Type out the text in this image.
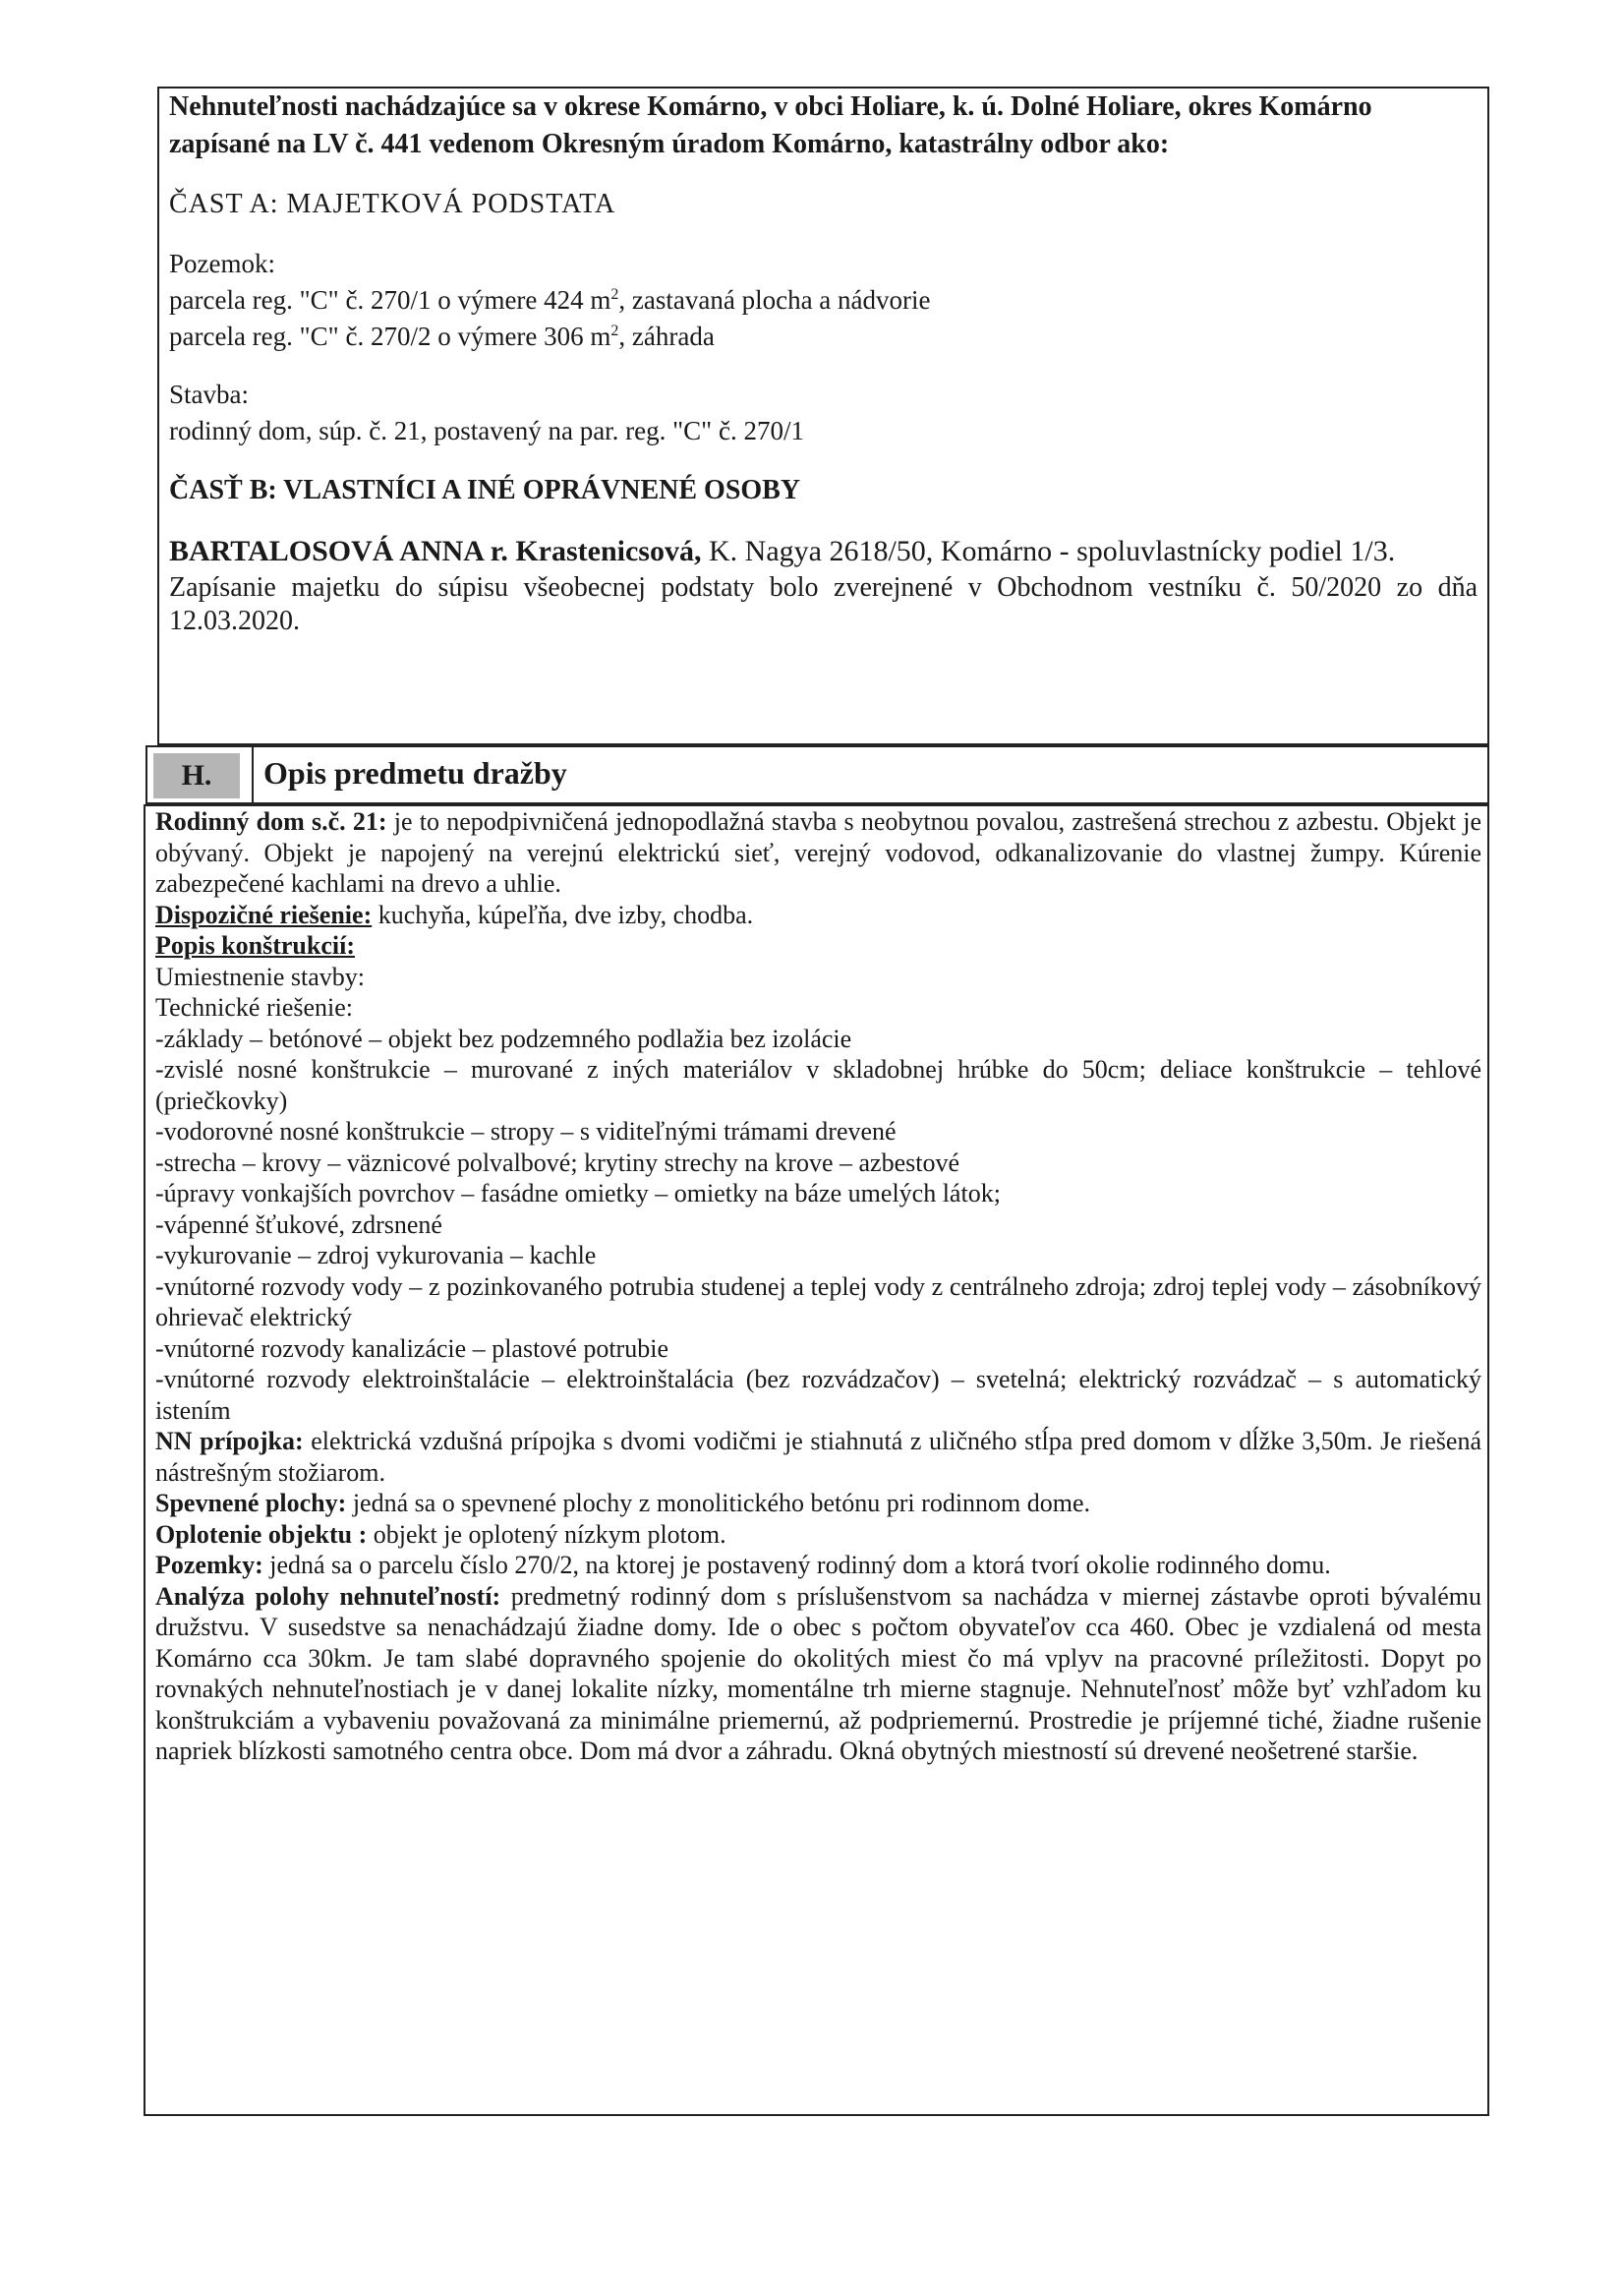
Nehnuteľnosti nachádzajúce sa v okrese Komárno, v obci Holiare, k. ú. Dolné Holiare, okres Komárno
zapísané na LV č. 441 vedenom Okresným úradom Komárno, katastrálny odbor ako:
ČAST A: MAJETKOVÁ PODSTATA
Pozemok:
parcela reg. "C" č. 270/1 o výmere 424 $m^2$, zastavaná plocha a nádvorie
parcela reg. "C" č. 270/2 o výmere 306 $m^2$, záhrada
Stavba:
rodinný dom, súp. č. 21, postavený na par. reg. "C" č. 270/1
ČASŤ B: VLASTNÍCI A INÉ OPRÁVNENÉ OSOBY
BARTALOSOVÁ ANNA r. Krastenicsová, K. Nagya 2618/50, Komárno - spoluvlastnícky podiel 1/3.
Zapísanie majetku do súpisu všeobecnej podstaty bolo zverejnené v Obchodnom vestníku č. 50/2020 zo dňa 12.03.2020.
H.	Opis predmetu dražby

Rodinný dom s.č. 21: je to nepodpivničená jednopodlažná stavba s neobytnou povalou, zastrešená strechou z azbestu. Objekt je obývaný. Objekt je napojený na verejnú elektrickú sieť, verejný vodovod, odkanalizovanie do vlastnej žumpy. Kúrenie zabezpečené kachlami na drevo a uhlie.

Dispozičné riešenie: kuchyňa, kúpeľňa, dve izby, chodba.

Popis konštrukcií:

Umiestnenie stavby:

Technické riešenie:

-základy – betónové – objekt bez podzemného podlažia bez izolácie

-zvislé nosné konštrukcie – murované z iných materiálov v skladobnej hrúbke do 50cm; deliace konštrukcie – tehlové (priečkovky)

-vodorovné nosné konštrukcie – stropy – s viditeľnými trámami drevené

-strecha – krovy – väznicové polvalbové; krytiny strechy na krove – azbestové

-úpravy vonkajších povrchov – fasádne omietky – omietky na báze umelých látok;

-vápenné šťukové, zdrsnené

-vykurovanie – zdroj vykurovania – kachle

-vnútorné rozvody vody – z pozinkovaného potrubia studenej a teplej vody z centrálneho zdroja; zdroj teplej vody – zásobníkový ohrievač elektrický

-vnútorné rozvody kanalizácie – plastové potrubie

-vnútorné rozvody elektroinštalácie – elektroinštalácia (bez rozvádzačov) – svetelná; elektrický rozvádzač – s automatický istením

NN prípojka: elektrická vzdušná prípojka s dvomi vodičmi je stiahnutá z uličného stĺpa pred domom v dĺžke 3,50m. Je riešená nástrešným stožiarom.

Spevnené plochy: jedná sa o spevnené plochy z monolitického betónu pri rodinnom dome.

Oplotenie objektu : objekt je oplotený nízkym plotom.

Pozemky: jedná sa o parcelu číslo 270/2, na ktorej je postavený rodinný dom a ktorá tvorí okolie rodinného domu.

Analýza polohy nehnuteľností: predmetný rodinný dom s príslušenstvom sa nachádza v miernej zástavbe oproti bývalému družstvu. V susedstve sa nenachádzajú žiadne domy. Ide o obec s počtom obyvateľov cca 460. Obec je vzdialená od mesta Komárno cca 30km. Je tam slabé dopravného spojenie do okolitých miest čo má vplyv na pracovné príležitosti. Dopyt po rovnakých nehnuteľnostiach je v danej lokalite nízky, momentálne trh mierne stagnuje. Nehnuteľnosť môže byť vzhľadom ku konštrukciám a vybaveniu považovaná za minimálne priemernú, až podpriemernú. Prostredie je príjemné tiché, žiadne rušenie napriek blízkosti samotného centra obce. Dom má dvor a záhradu. Okná obytných miestností sú drevené neošetrené staršie.
